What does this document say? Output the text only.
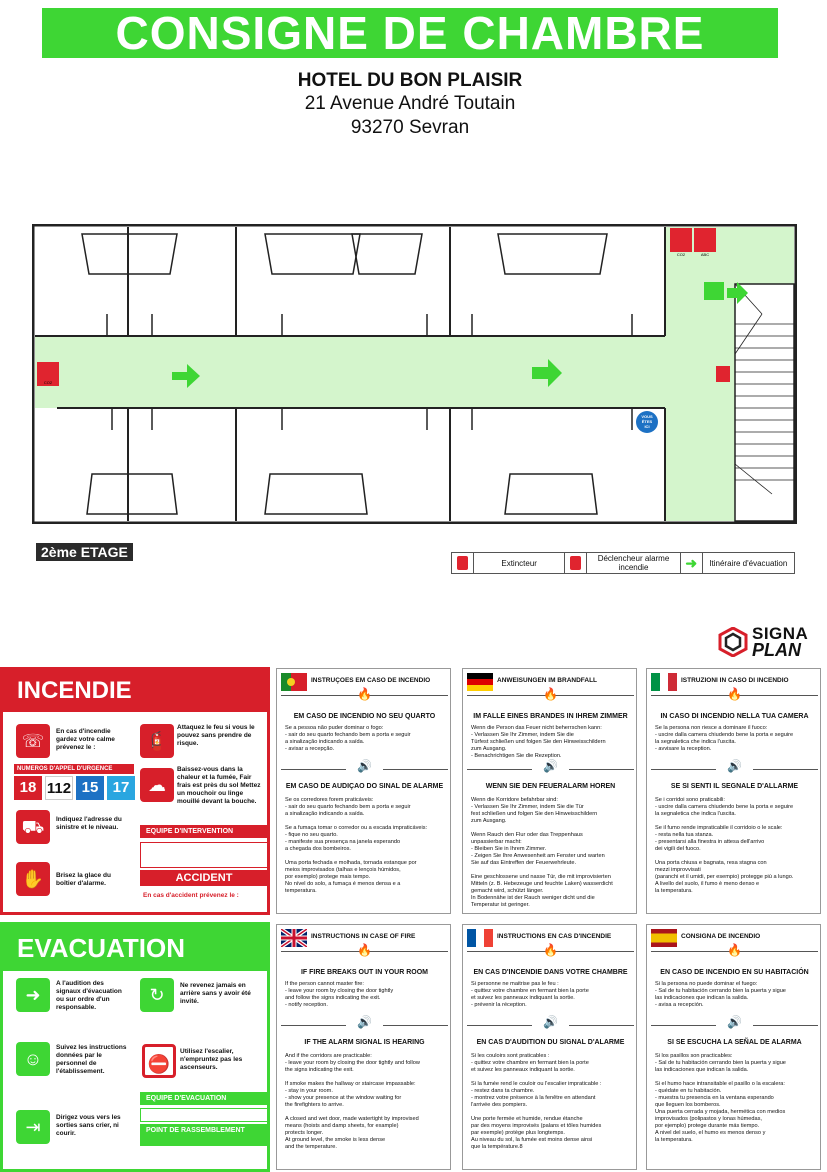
CONSIGNE DE CHAMBRE
HOTEL DU BON PLAISIR
21 Avenue André Toutain
93270 Sevran
CO2
CO2	ABC
VOUS
ÊTES
ICI
2ème ETAGE
Extincteur	Déclencheur alarme incendie	➜	Itinéraire d'évacuation
SIGNA
PLAN
INCENDIE
☏	En cas d'incendie gardez votre calme prévenez le :
NUMEROS D'APPEL D'URGENCE
18 112 15 17
⛟	Indiquez l'adresse du sinistre et le niveau.
✋	Brisez la glace du boîtier d'alarme.
🧯
Attaquez le feu si vous le pouvez sans prendre de risque.
☁
Baissez-vous dans la chaleur et la fumée, Fair frais est près du sol Mettez un mouchoir ou linge mouillé devant la bouche.
EQUIPE D'INTERVENTION
ACCIDENT
En cas d'accident prévenez le :
EVACUATION
➜
A l'audition des signaux d'évacuation ou sur ordre d'un responsable.
☺
Suivez les instructions données par le personnel de l'établissement.
⇥	Dirigez vous vers les sorties sans crier, ni courir.
↻	Ne revenez jamais en arrière sans y avoir été invité.
⛔
Utilisez l'escalier, n'empruntez pas les ascenseurs.
EQUIPE D'EVACUATION
POINT DE RASSEMBLEMENT
INSTRUÇOES EM CASO DE INCENDIO
🔥
EM CASO DE INCENDIO NO SEU QUARTO
Se a pessoa não puder dominar o fogo:
- sair do seu quarto fechando bem a porta e seguir
a sinalização indicando a saída.
- avisar a recepção.
🔊
EM CASO DE AUDIÇAO DO SINAL DE ALARME
Se os corredores forem praticáveis:
- sair do seu quarto fechando bem a porta e seguir
a sinalização indicando a saída.

Se a fumaça tomar o corredor ou a escada impraticáveis:
- fique no seu quarto.
- manifeste sua presença na janela esperando
a chegada dos bombeiros.

Uma porta fechada e molhada, tornada estanque por
meios improvisados (talhas e lençois húmidos,
por exemplo) protege mais tempo.
No nível do solo, a fumaça é menos densa e a
temperatura.
ANWEISUNGEN IM BRANDFALL
🔥
IM FALLE EINES BRANDES IN IHREM ZIMMER
Wenn die Person das Feuer nicht beherrschen kann:
- Verlassen Sie Ihr Zimmer, indem Sie die
Türfest schließen und folgen Sie den Hinweisschildern
zum Ausgang.
- Benachrichtigen Sie die Rezeption.
🔊
WENN SIE DEN FEUERALARM HOREN
Wenn die Korridore befahrbar sind:
- Verlassen Sie Ihr Zimmer, indem Sie die Tür
fest schließen und folgen Sie den Hinweisschildern
zum Ausgang.

Wenn Rauch den Flur oder das Treppenhaus
unpassierbar macht:
- Bleiben Sie in Ihrem Zimmer.
- Zeigen Sie Ihre Anwesenheit am Fenster und warten
Sie auf das Eintreffen der Feuerwehrleute.

Eine geschlossene und nasse Tür, die mit improvisierten
Mitteln (z. B. Hebezeuge und feuchte Laken) wasserdicht
gemacht wird, schützt länger.
In Bodennähe ist der Rauch weniger dicht und die
Temperatur ist geringer.
ISTRUZIONI IN CASO DI INCENDIO
🔥
IN CASO DI INCENDIO NELLA TUA CAMERA
Se la persona non riesce a dominare il fuoco:
- uscire dalla camera chiudendo bene la porta e seguire
la segnaletica che indica l'uscita.
- avvisare la reception.
🔊
SE SI SENTI IL SEGNALE D'ALLARME
Se i corridoi sono praticabili:
- uscire dalla camera chiudendo bene la porta e seguire
la segnaletica che indica l'uscita.

Se il fumo rende impraticabile il corridoio o le scale:
- resta nella tua stanza.
- presentarsi alla finestra in attesa dell'arrivo
dei vigili del fuoco.

Una porta chiusa e bagnata, resa stagna con
mezzi improvvisati
(paranchi et il umidi, per esempio) protegge più a lungo.
A livello del suolo, il fumo è meno denso e
la temperatura.
INSTRUCTIONS IN CASE OF FIRE
🔥
IF FIRE BREAKS OUT IN YOUR ROOM
If the person cannot master fire:
- leave your room by closing the door tightly
and follow the signs indicating the exit.
- notify reception.
🔊
IF THE ALARM SIGNAL IS HEARING
And if the corridors are practicable:
- leave your room by closing the door tightly and follow
the signs indicating the exit.

If smoke makes the hallway or staircase impassable:
- stay in your room.
- show your presence at the window waiting for
the firefighters to arrive.

A closed and wet door, made watertight by improvised
means (hoists and damp sheets, for example)
protects longer.
At ground level, the smoke is less dense
and the temperature.
INSTRUCTIONS EN CAS D'INCENDIE
🔥
EN CAS D'INCENDIE DANS VOTRE CHAMBRE
Si personne ne maitrise pas le feu :
- quittez votre chambre en fermant bien la porte
et suivez les panneaux indiquant la sortie.
- prévenir la réception.
🔊
EN CAS D'AUDITION DU SIGNAL D'ALARME
Si les couloirs sont praticables :
- quittez votre chambre en fermant bien la porte
et suivez les panneaux indiquant la sortie.

Si la fumée rend le couloir ou l'escalier impraticable :
- restez dans ta chambre.
- montrez votre présence à la fenêtre en attendant
l'arrivée des pompiers.

Une porte fermée et humide, rendue étanche
par des moyens improvisés (palans et tôles humides
par exemple) protège plus longtemps.
Au niveau du sol, la fumée est moins dense ainsi
que la température.8
CONSIGNA DE INCENDIO
🔥
EN CASO DE INCENDIO EN SU HABITACIÓN
Si la persona no puede dominar el fuego:
- Sal de tu habitación cerrando bien la puerta y sigue
las indicaciones que indican la salida.
- avisa a recepción.
🔊
SI SE ESCUCHA LA SEÑAL DE ALARMA
Si los pasillos son practicables:
- Sal de tu habitación cerrando bien la puerta y sigue
las indicaciones que indican la salida.

Si el humo hace intransitable el pasillo o la escalera:
- quédate en tu habitación.
- muestra tu presencia en la ventana esperando
que lleguen los bomberos.
Una puerta cerrada y mojada, hermética con medios
improvisados (polipastos y lonas húmedas,
por ejemplo) protege durante más tiempo.
A nivel del suelo, el humo es menos denso y
la temperatura.
